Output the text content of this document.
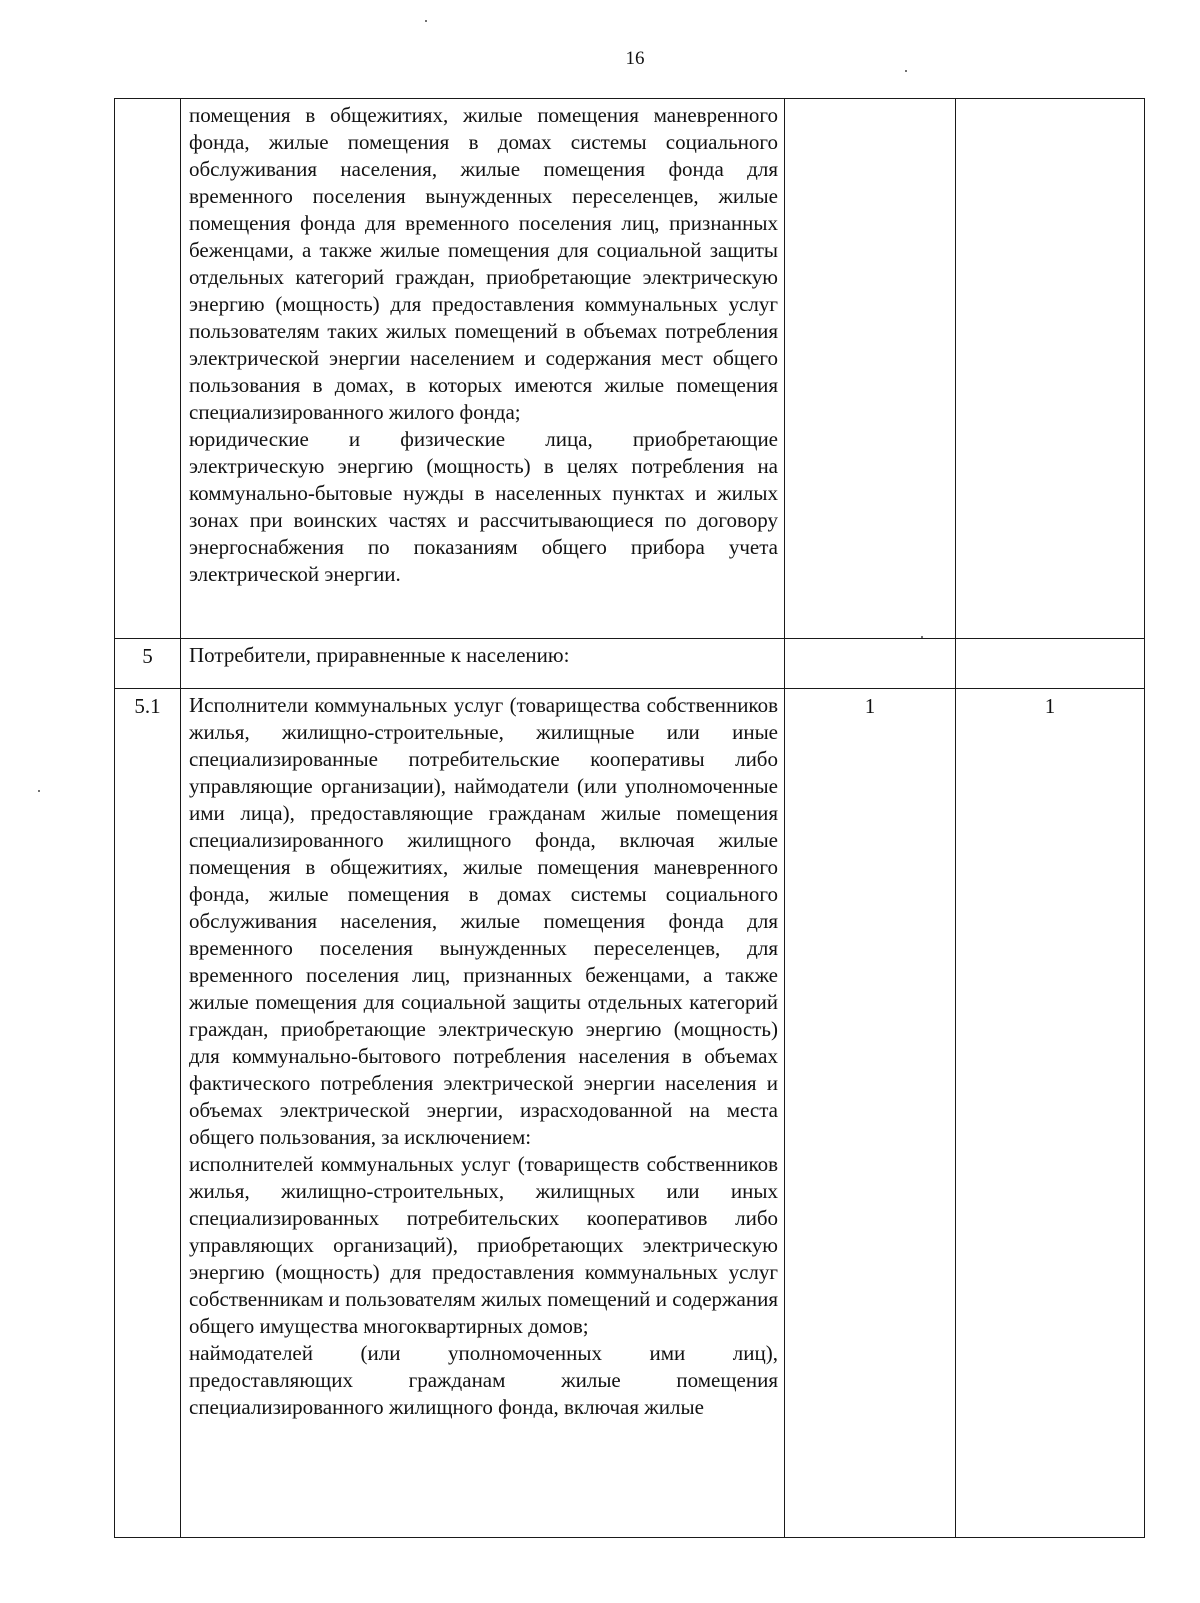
16

	помещения в общежитиях, жилые помещения маневренного фонда, жилые помещения в домах системы социального обслуживания населения, жилые помещения фонда для временного поселения вынужденных переселенцев, жилые помещения фонда для временного поселения лиц, признанных беженцами, а также жилые помещения для социальной защиты отдельных категорий граждан, приобретающие электрическую энергию (мощность) для предоставления коммунальных услуг пользователям таких жилых помещений в объемах потребления электрической энергии населением и содержания мест общего пользования в домах, в которых имеются жилые помещения специализированного жилого фонда;

юридические и физические лица, приобретающие электрическую энергию (мощность) в целях потребления на коммунально-бытовые нужды в населенных пунктах и жилых зонах при воинских частях и рассчитывающиеся по договору энергоснабжения по показаниям общего прибора учета электрической энергии.		

5	Потребители, приравненные к населению:		

5.1	Исполнители коммунальных услуг (товарищества собственников жилья, жилищно-строительные, жилищные или иные специализированные потребительские кооперативы либо управляющие организации), наймодатели (или уполномоченные ими лица), предоставляющие гражданам жилые помещения специализированного жилищного фонда, включая жилые помещения в общежитиях, жилые помещения маневренного фонда, жилые помещения в домах системы социального обслуживания населения, жилые помещения фонда для временного поселения вынужденных переселенцев, для временного поселения лиц, признанных беженцами, а также жилые помещения для социальной защиты отдельных категорий граждан, приобретающие электрическую энергию (мощность) для коммунально-бытового потребления населения в объемах фактического потребления электрической энергии населения и объемах электрической энергии, израсходованной на места общего пользования, за исключением:

исполнителей коммунальных услуг (товариществ собственников жилья, жилищно-строительных, жилищных или иных специализированных потребительских кооперативов либо управляющих организаций), приобретающих электрическую энергию (мощность) для предоставления коммунальных услуг собственникам и пользователям жилых помещений и содержания общего имущества многоквартирных домов;

наймодателей (или уполномоченных ими лиц), предоставляющих гражданам жилые помещения специализированного жилищного фонда, включая жилые	1	1
